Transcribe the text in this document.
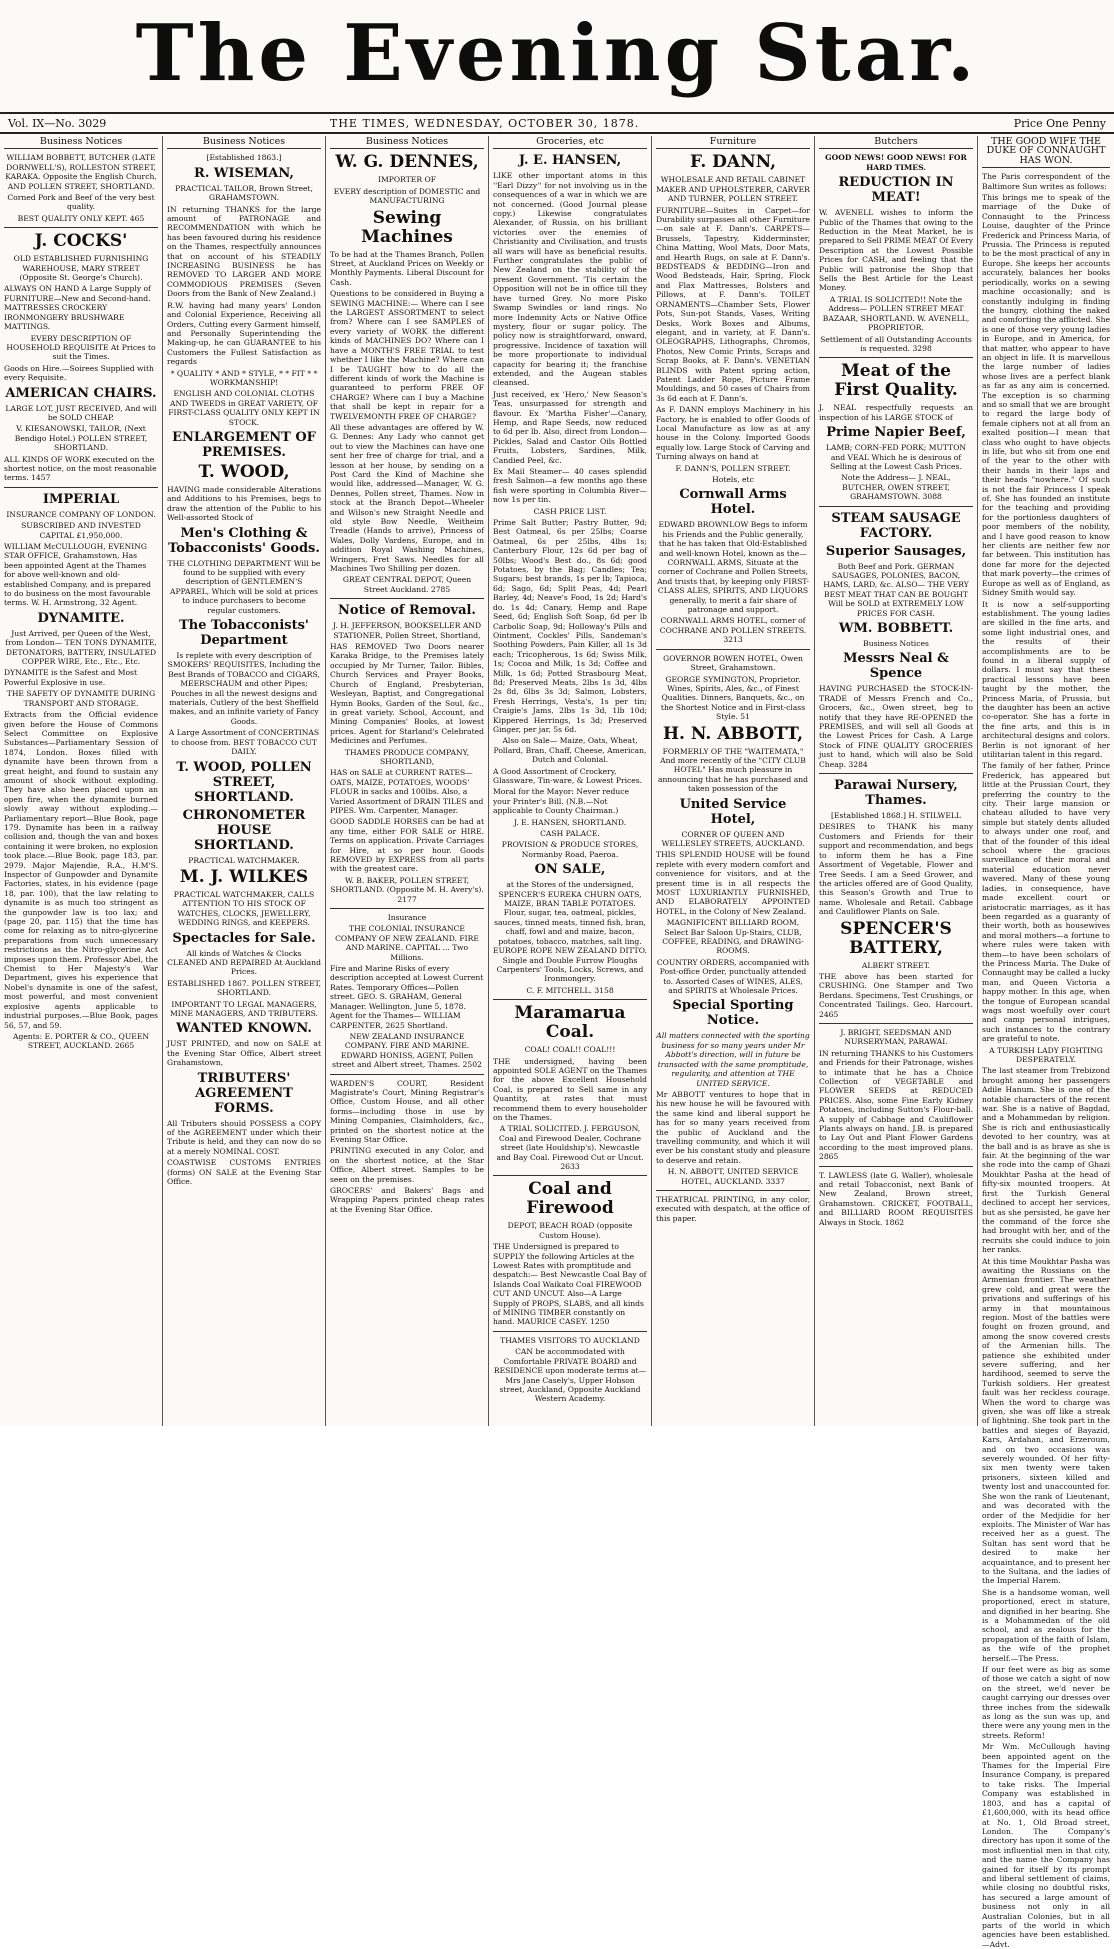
The Evening Star.
Vol. IX—No. 3029	THE TIMES, WEDNESDAY, OCTOBER 30, 1878.	Price One Penny
Business Notices

WILLIAM BOBBETT, BUTCHER (LATE DORNWELL'S), ROLLESTON STREET, KARAKA. Opposite the English Church, AND POLLEN STREET, SHORTLAND.

Corned Pork and Beef of the very best quality.

BEST QUALITY ONLY KEPT. 465

J. COCKS'

OLD ESTABLISHED FURNISHING WAREHOUSE, MARY STREET (Opposite St. George's Church).

ALWAYS ON HAND A Large Supply of FURNITURE—New and Second-hand. MATTRESSES CROCKERY IRONMONGERY BRUSHWARE MATTINGS.

EVERY DESCRIPTION OF HOUSEHOLD REQUISITE At Prices to suit the Times.

Goods on Hire.—Soirees Supplied with every Requisite.

AMERICAN CHAIRS.

LARGE LOT, JUST RECEIVED, And will be SOLD CHEAP.

V. KIESANOWSKI, TAILOR, (Next Bendigo Hotel.) POLLEN STREET, SHORTLAND.

ALL KINDS OF WORK executed on the shortest notice, on the most reasonable terms. 1457

IMPERIAL

INSURANCE COMPANY OF LONDON.

SUBSCRIBED AND INVESTED CAPITAL £1,950,000.

WILLIAM McCULLOUGH, EVENING STAR OFFICE, Grahamstown, Has been appointed Agent at the Thames for above well-known and old-established Company, and is prepared to do business on the most favourable terms. W. H. Armstrong, 32 Agent.

DYNAMITE.

Just Arrived, per Queen of the West, from London— TEN TONS DYNAMITE, DETONATORS, BATTERY, INSULATED COPPER WIRE, Etc., Etc., Etc.

DYNAMITE is the Safest and Most Powerful Explosive in use.

THE SAFETY OF DYNAMITE DURING TRANSPORT AND STORAGE.

Extracts from the Official evidence given before the House of Commons Select Committee on Explosive Substances—Parliamentary Session of 1874, London. Boxes filled with dynamite have been thrown from a great height, and found to sustain any amount of shock without exploding. They have also been placed upon an open fire, when the dynamite burned slowly away without exploding.—Parliamentary report—Blue Book, page 179. Dynamite has been in a railway collision and, though the van and boxes containing it were broken, no explosion took place.—Blue Book, page 183, par. 2979. Major Majendie, R.A., H.M'S. Inspector of Gunpowder and Dynamite Factories, states, in his evidence (page 18, par. 100), that the law relating to dynamite is as much too stringent as the gunpowder law is too lax; and (page 20, par. 115) that the time has come for relaxing as to nitro-glycerine preparations from such unnecessary restrictions as the Nitro-glycerine Act imposes upon them. Professor Abel, the Chemist to Her Majesty's War Department, gives his experience that Nobel's dynamite is one of the safest, most powerful, and most convenient explosive agents applicable to industrial purposes.—Blue Book, pages 56, 57, and 59.

Agents: E. PORTER & CO., QUEEN STREET, AUCKLAND. 2665

Business Notices

[Established 1863.]

R. WISEMAN,

PRACTICAL TAILOR, Brown Street, GRAHAMSTOWN.

IN returning THANKS for the large amount of PATRONAGE and RECOMMENDATION with which he has been favoured during his residence on the Thames, respectfully announces that on account of his STEADILY INCREASING BUSINESS he has REMOVED TO LARGER AND MORE COMMODIOUS PREMISES (Seven Doors from the Bank of New Zealand.)

R.W. having had many years' London and Colonial Experience, Receiving all Orders, Cutting every Garment himself, and Personally Superintending the Making-up, he can GUARANTEE to his Customers the Fullest Satisfaction as regards

* QUALITY * AND * STYLE, * * FIT * * WORKMANSHIP!

ENGLISH AND COLONIAL CLOTHS AND TWEEDS in GREAT VARIETY, OF FIRST-CLASS QUALITY ONLY KEPT IN STOCK.

ENLARGEMENT OF PREMISES.

T. WOOD,

HAVING made considerable Alterations and Additions to his Premises, begs to draw the attention of the Public to his Well-assorted Stock of

Men's Clothing & Tobacconists' Goods.

THE CLOTHING DEPARTMENT Will be found to be supplied with every description of GENTLEMEN'S APPAREL, Which will be sold at prices to induce purchasers to become regular customers.

The Tobacconists' Department

Is replete with every description of SMOKERS' REQUISITES, Including the Best Brands of TOBACCO and CIGARS, MEERSCHAUM and other Pipes; Pouches in all the newest designs and materials, Cutlery of the best Sheffield makes, and an infinite variety of Fancy Goods.

A Large Assortment of CONCERTINAS to choose from. BEST TOBACCO CUT DAILY.

T. WOOD, POLLEN STREET, SHORTLAND.

CHRONOMETER HOUSE SHORTLAND.

PRACTICAL WATCHMAKER.

M. J. WILKES

PRACTICAL WATCHMAKER, CALLS ATTENTION TO HIS STOCK OF WATCHES, CLOCKS, JEWELLERY, WEDDING RINGS, and KEEPERS.

Spectacles for Sale.

All kinds of Watches & Clocks CLEANED AND REPAIRED At Auckland Prices.

ESTABLISHED 1867. POLLEN STREET, SHORTLAND.

IMPORTANT TO LEGAL MANAGERS, MINE MANAGERS, AND TRIBUTERS.

WANTED KNOWN.

JUST PRINTED, and now on SALE at the Evening Star Office, Albert street Grahamstown,

TRIBUTERS' AGREEMENT FORMS.

All Tributers should POSSESS a COPY of the AGREEMENT under which their Tribute is held, and they can now do so at a merely NOMINAL COST.

COASTWISE CUSTOMS ENTRIES (forms) ON SALE at the Evening Star Office.

Business Notices

W. G. DENNES,

IMPORTER OF

EVERY description of DOMESTIC and MANUFACTURING

Sewing Machines

To be had at the Thames Branch, Pollen Street, at Auckland Prices on Weekly or Monthly Payments. Liberal Discount for Cash.

Questions to be considered in Buying a SEWING MACHINE:— Where can I see the LARGEST ASSORTMENT to select from? Where can I see SAMPLES of every variety of WORK the different kinds of MACHINES DO? Where can I have a MONTH'S FREE TRIAL to test whether I like the Machine? Where can I be TAUGHT how to do all the different kinds of work the Machine is guaranteed to perform FREE OF CHARGE? Where can I buy a Machine that shall be kept in repair for a TWELVEMONTH FREE OF CHARGE?

All these advantages are offered by W. G. Dennes: Any Lady who cannot get out to view the Machines can have one sent her free of charge for trial, and a lesson at her house, by sending on a Post Card the Kind of Machine she would like, addressed—Manager, W. G. Dennes, Pollen street, Thames. Now in stock at the Branch Depot—Wheeler and Wilson's new Straight Needle and old style Bow Needle, Weitheim Treadle (Hands to arrive), Princess of Wales, Dolly Vardens, Europe, and in addition Royal Washing Machines, Wringers, Fret Saws. Needles for all Machines Two Shilling per dozen.

GREAT CENTRAL DEPOT, Queen Street Auckland. 2785

Notice of Removal.

J. H. JEFFERSON, BOOKSELLER AND STATIONER, Pollen Street, Shortland,

HAS REMOVED Two Doors nearer Karaka Bridge, to the Premises lately occupied by Mr Turner, Tailor. Bibles, Church Services and Prayer Books, Church of England, Presbyterian, Wesleyan, Baptist, and Congregational Hymn Books, Garden of the Soul, &c., in great variety. School, Account, and Mining Companies' Books, at lowest prices. Agent for Starland's Celebrated Medicines and Perfumes.

THAMES PRODUCE COMPANY, SHORTLAND,

HAS on SALE at CURRENT RATES— OATS, MAIZE, POTATOES, WOODS' FLOUR in sacks and 100lbs. Also, a Varied Assortment of DRAIN TILES and PIPES. Wm. Carpenter, Manager.

GOOD SADDLE HORSES can be had at any time, either FOR SALE or HIRE. Terms on application. Private Carriages for Hire, at so per hour. Goods REMOVED by EXPRESS from all parts with the greatest care.

W. B. BAKER, POLLEN STREET, SHORTLAND. (Opposite M. H. Avery's). 2177

Insurance

THE COLONIAL INSURANCE COMPANY OF NEW ZEALAND. FIRE AND MARINE. CAPITAL ... Two Millions.

Fire and Marine Risks of every description accepted at Lowest Current Rates. Temporary Offices—Pollen street. GEO. S. GRAHAM, General Manager. Wellington, June 5, 1878. Agent for the Thames— WILLIAM CARPENTER, 2625 Shortland.

NEW ZEALAND INSURANCE COMPANY. FIRE AND MARINE. EDWARD HONISS, AGENT, Pollen street and Albert street, Thames. 2502

WARDEN'S COURT, Resident Magistrate's Court, Mining Registrar's Office, Custom House, and all other forms—including those in use by Mining Companies, Claimholders, &c., printed on the shortest notice at the Evening Star Office.

PRINTING executed in any Color, and on the shortest notice, at the Star Office, Albert street. Samples to be seen on the premises.

GROCERS' and Bakers' Bags and Wrapping Papers printed cheap rates at the Evening Star Office.

Groceries, etc

J. E. HANSEN,

LIKE other important atoms in this ''Earl Dizzy'' for not involving us in the consequences of a war in which we are not concerned. (Good Journal please copy.) Likewise congratulates Alexander, of Russia, on his brilliant victories over the enemies of Christianity and Civilisation, and trusts all wars will have as beneficial results. Further congratulates the public of New Zealand on the stability of the present Government. 'Tis certain the Opposition will not be in office till they have turned Grey. No more Pisko Swamp Swindles or land rings. No more Indemnity Acts or Native Office mystery, flour or sugar policy. The policy now is straightforward, onward, progressive. Incidence of taxation will be more proportionate to individual capacity for bearing it; the franchise extended, and the Augean stables cleansed.

Just received, ex 'Hero,' New Season's Teas, unsurpassed for strength and flavour. Ex 'Martha Fisher'—Canary, Hemp, and Rape Seeds, now reduced to 6d per lb. Also, direct from London—Pickles, Salad and Castor Oils Bottled Fruits, Lobsters, Sardines, Milk, Candied Peel, &c.

Ex Mail Steamer— 40 cases splendid fresh Salmon—a few months ago these fish were sporting in Columbia River—now 1s per tin.

CASH PRICE LIST.

Prime Salt Butter; Pastry Butter, 9d; Best Oatmeal, 6s per 25lbs; Coarse Oatmeal, 6s per 25lbs, 4lbs 1s; Canterbury Flour, 12s 6d per bag of 50lbs; Wood's Best do., 8s 6d; good Potatoes, by the Bag; Candles; Tea; Sugars; best brands, 1s per lb; Tapioca, 6d; Sago, 6d; Split Peas, 4d; Pearl Barley, 4d; Neave's Food, 1s 2d; Hard's do. 1s 4d; Canary, Hemp and Rape Seed, 6d; English Soft Soap, 6d per lb Carbolic Soap, 9d; Holloway's Pills and Ointment, Cockles' Pills, Sandeman's Soothing Powders, Pain Killer, all 1s 3d each; Tricopherous, 1s 6d; Swiss Milk, 1s; Cocoa and Milk, 1s 3d; Coffee and Milk, 1s 6d; Potted Strasbourg Meat, 8d; Preserved Meats, 2lbs 1s 3d, 4lbs 2s 8d, 6lbs 3s 3d; Salmon, Lobsters, Fresh Herrings, Vesta's, 1s per tin; Craigie's Jams, 2lbs 1s 3d, 1lb 10d; Kippered Herrings, 1s 3d; Preserved Ginger, per jar, 5s 6d.

Also on Sale— Maize, Oats, Wheat, Pollard, Bran, Chaff, Cheese, American, Dutch and Colonial.

A Good Assortment of Crockery, Glassware, Tin-ware, & Lowest Prices.

Moral for the Mayor: Never reduce your Printer's Bill. (N.B.—Not applicable to County Chairman.)

J. E. HANSEN, SHORTLAND.

CASH PALACE.

PROVISION & PRODUCE STORES, Normanby Road, Paeroa.

ON SALE,

at the Stores of the undersigned, SPENCER'S EUREKA CHURN OATS, MAIZE, BRAN TABLE POTATOES. Flour, sugar, tea, oatmeal, pickles, sauces, tinned meats, tinned fish, bran, chaff, fowl and and maize, bacon, potatoes, tobacco, matches, salt ling. EUROPE ROPE NEW ZEALAND DITTO. Single and Double Furrow Ploughs Carpenters' Tools, Locks, Screws, and Ironmongery.

C. F. MITCHELL. 3158

Maramarua Coal.

COAL! COAL!! COAL!!!

THE undersigned, having been appointed SOLE AGENT on the Thames for the above Excellent Household Coal, is prepared to Sell same in any Quantity, at rates that must recommend them to every householder on the Thames.

A TRIAL SOLICITED. J. FERGUSON, Coal and Firewood Dealer, Cochrane street (late Houldship's). Newcastle and Bay Coal. Firewood Cut or Uncut. 2633

Coal and Firewood

DEPOT, BEACH ROAD (opposite Custom House).

THE Undersigned is prepared to SUPPLY the following Articles at the Lowest Rates with promptitude and despatch:— Best Newcastle Coal Bay of Islands Coal Waikato Coal FIREWOOD CUT AND UNCUT. Also—A Large Supply of PROPS, SLABS, and all kinds of MINING TIMBER constantly on hand. MAURICE CASEY. 1250

THAMES VISITORS TO AUCKLAND

CAN be accommodated with Comfortable PRIVATE BOARD and RESIDENCE upon moderate terms at— Mrs Jane Casely's, Upper Hobson street, Auckland, Opposite Auckland Western Academy.

Furniture

F. DANN,

WHOLESALE AND RETAIL CABINET MAKER AND UPHOLSTERER, CARVER AND TURNER, POLLEN STREET.

FURNITURE—Suites in Carpet—for Durability surpasses all other Furniture—on sale at F. Dann's. CARPETS—Brussels, Tapestry, Kidderminster, China Matting, Wool Mats, Door Mats, and Hearth Rugs, on sale at F. Dann's. BEDSTEADS & BEDDING—Iron and Wood Bedsteads, Hair, Spring, Flock and Flax Mattresses, Bolsters and Pillows, at F. Dann's. TOILET ORNAMENTS—Chamber Sets, Flower Pots, Sun-pot Stands, Vases, Writing Desks, Work Boxes and Albums, elegant, and in variety, at F. Dann's. OLEOGRAPHS, Lithographs, Chromos, Photos, New Comic Prints, Scraps and Scrap Books, at F. Dann's. VENETIAN BLINDS with Patent spring action, Patent Ladder Rope, Picture Frame Mouldings, and 50 cases of Chairs from 3s 6d each at F. Dann's.

As F. DANN employs Machinery in his Factory, he is enabled to offer Goods of Local Manufacture as low as at any house in the Colony. Imported Goods equally low. Large Stock of Carving and Turning always on hand at

F. DANN'S, POLLEN STREET.

Hotels, etc

Cornwall Arms Hotel.

EDWARD BROWNLOW Begs to inform his Friends and the Public generally, that he has taken that Old-Established and well-known Hotel, known as the—CORNWALL ARMS, Situate at the corner of Cochrane and Pollen Streets, And trusts that, by keeping only FIRST-CLASS ALES, SPIRITS, AND LIQUORS generally, to merit a fair share of patronage and support.

CORNWALL ARMS HOTEL, corner of COCHRANE AND POLLEN STREETS. 3213

GOVERNOR BOWEN HOTEL, Owen Street, Grahamstown.

GEORGE SYMINGTON, Proprietor. Wines, Spirits, Ales, &c., of Finest Qualities. Dinners, Banquets, &c., on the Shortest Notice and in First-class Style. 51

H. N. ABBOTT,

FORMERLY OF THE "WAITEMATA," And more recently of the "CITY CLUB HOTEL" Has much pleasure in announcing that he has purchased and taken possession of the

United Service Hotel,

CORNER OF QUEEN AND WELLESLEY STREETS, AUCKLAND.

THIS SPLENDID HOUSE will be found replete with every modern comfort and convenience for visitors, and at the present time is in all respects the MOST LUXURIANTLY FURNISHED, AND ELABORATELY APPOINTED HOTEL, in the Colony of New Zealand.

MAGNIFICENT BILLIARD ROOM, Select Bar Saloon Up-Stairs, CLUB, COFFEE, READING, and DRAWING-ROOMS.

COUNTRY ORDERS, accompanied with Post-office Order, punctually attended to. Assorted Cases of WINES, ALES, and SPIRITS at Wholesale Prices.

Special Sporting Notice.

All matters connected with the sporting business for so many years under Mr Abbott's direction, will in future be transacted with the same promptitude, regularity, and attention at THE UNITED SERVICE.

Mr ABBOTT ventures to hope that in his new house he will be favoured with the same kind and liberal support he has for so many years received from the public of Auckland and the travelling community, and which it will ever be his constant study and pleasure to deserve and retain.

H. N. ABBOTT, UNITED SERVICE HOTEL, AUCKLAND. 3337

THEATRICAL PRINTING, in any color, executed with despatch, at the office of this paper.

Butchers

GOOD NEWS! GOOD NEWS! FOR HARD TIMES.

REDUCTION IN MEAT!

W. AVENELL wishes to inform the Public of the Thames that owing to the Reduction in the Meat Market, he is prepared to Sell PRIME MEAT Of Every Description at the Lowest Possible Prices for CASH, and feeling that the Public will patronise the Shop that Sells the Best Article for the Least Money.

A TRIAL IS SOLICITED!! Note the Address— POLLEN STREET MEAT BAZAAR, SHORTLAND. W. AVENELL, PROPRIETOR.

Settlement of all Outstanding Accounts is requested. 3298

Meat of the First Quality.

J. NEAL respectfully requests an inspection of his LARGE STOCK of

Prime Napier Beef,

LAMB; CORN-FED PORK; MUTTON and VEAL Which he is desirous of Selling at the Lowest Cash Prices.

Note the Address— J. NEAL, BUTCHER, OWEN STREET, GRAHAMSTOWN. 3088

STEAM SAUSAGE FACTORY.

Superior Sausages,

Both Beef and Pork. GERMAN SAUSAGES, POLONIES, BACON, HAMS, LARD, &c. ALSO— THE VERY BEST MEAT THAT CAN BE BOUGHT Will be SOLD at EXTREMELY LOW PRICES FOR CASH.

WM. BOBBETT.

Business Notices

Messrs Neal & Spence

HAVING PURCHASED the STOCK-IN-TRADE of Messrs French and Co., Grocers, &c., Owen street, beg to notify that they have RE-OPENED the PREMISES, and will sell all Goods at the Lowest Prices for Cash. A Large Stock of FINE QUALITY GROCERIES just to hand, which will also be Sold Cheap. 3284

Parawai Nursery, Thames.

[Established 1868.] H. STILWELL

DESIRES to THANK his many Customers and Friends for their support and recommendation, and begs to inform them he has a Fine Assortment of Vegetable, Flower and Tree Seeds. I am a Seed Grower, and the articles offered are of Good Quality, this Season's Growth and True to name. Wholesale and Retail. Cabbage and Cauliflower Plants on Sale.

SPENCER'S BATTERY,

ALBERT STREET.

THE above has been started for CRUSHING. One Stamper and Two Berdans. Specimens, Test Crushings, or Concentrated Tailings. Geo. Harcourt. 2465

J. BRIGHT, SEEDSMAN AND NURSERYMAN, PARAWAI.

IN returning THANKS to his Customers and Friends for their Patronage, wishes to intimate that he has a Choice Collection of VEGETABLE and FLOWER SEEDS at REDUCED PRICES. Also, some Fine Early Kidney Potatoes, including Sutton's Flour-ball. A supply of Cabbage and Cauliflower Plants always on hand. J.B. is prepared to Lay Out and Plant Flower Gardens according to the most improved plans. 2865

T. LAWLESS (late G. Waller), wholesale and retail Tobacconist, next Bank of New Zealand, Brown street, Grahamstown. CRICKET, FOOTBALL, and BILLIARD ROOM REQUISITES Always in Stock. 1862

THE GOOD WIFE THE DUKE OF CONNAUGHT HAS WON.

The Paris correspondent of the Baltimore Sun writes as follows:

This brings me to speak of the marriage of the Duke of Connaught to the Princess Louise, daughter of the Prince Frederick and Princess Maria, of Prussia. The Princess is reputed to be the most practical of any in Europe. She keeps her accounts accurately, balances her books periodically, works on a sewing machine occasionally; and is constantly indulging in finding the hungry, clothing the naked and comforting the afflicted. She is one of those very young ladies in Europe, and in America, for that matter, who appear to have an object in life. It is marvellous the large number of ladies whose lives are a perfect blank as far as any aim is concerned. The exception is so charming and so small that we are brought to regard the large body of female ciphers not at all from an exalted position—I mean that class who ought to have objects in life, but who sit from one end of the year to the other with their hands in their laps and their heads "nowhere." Of such is not the fair Princess I speak of. She has founded an institute for the teaching and providing for the portionless daughters of poor members of the nobility, and I have good reason to know her clients are neither few nor far between. This institution has done far more for the dejected that mark poverty—the crimes of Europe as well as of England, as Sidney Smith would say.

It is now a self-supporting establishment. The young ladies are skilled in the fine arts, and some light industrial ones, and the results of their accomplishments are to be found in a liberal supply of dollars. I must say that these practical lessons have been taught by the mother, the Princess Maria, of Prussia, but the daughter has been an active co-operator. She has a forte in the fine arts, and this is in architectural designs and colors. Berlin is not ignorant of her utilitarian talent in this regard.

The family of her father, Prince Frederick, has appeared but little at the Prussian Court, they preferring the country to the city. Their large mansion or chateau alluded to have very simple but stately dents alluded to always under one roof, and that of the founder of this ideal school where the gracious surveillance of their moral and material education never wavered. Many of these young ladies, in consequence, have made excellent court or aristocratic marriages, as it has been regarded as a guaranty of their worth, both as housewives and moral mothers—a fortune to where rules were taken with them—to have been scholars of the Princess Maria. The Duke of Connaught may be called a lucky man, and Queen Victoria a happy mother. In this age, when the tongue of European scandal wags most woefully over court and camp personal intrigues, such instances to the contrary are grateful to note.

A TURKISH LADY FIGHTING DESPERATELY.

The last steamer from Trebizond brought among her passengers Adile Hanum. She is one of the notable characters of the recent war. She is a native of Bagdad, and a Mohammedan by religion. She is rich and enthusiastically devoted to her country, was at the ball and is as brave as she is fair. At the beginning of the war she rode into the camp of Ghazi Moukhtar Pasha at the head of fifty-six mounted troopers. At first the Turkish General declined to accept her services, but as she persisted, he gave her the command of the force she had brought with her, and of the recruits she could induce to join her ranks.

At this time Moukhtar Pasha was awaiting the Russians on the Armenian frontier. The weather grew cold, and great were the privations and sufferings of his army in that mountainous region. Most of the battles were fought on frozen ground, and among the snow covered crests of the Armenian hills. The patience she exhibited under severe suffering, and her hardihood, seemed to serve the Turkish soldiers. Her greatest fault was her reckless courage. When the word to charge was given, she was off like a streak of lightning. She took part in the battles and sieges of Bayazid, Kars, Ardahan, and Erzeroum, and on two occasions was severely wounded. Of her fifty-six men twenty were taken prisoners, sixteen killed and twenty lost and unaccounted for. She won the rank of Lieutenant, and was decorated with the order of the Medjidie for her exploits. The Minister of War has received her as a guest. The Sultan has sent word that he desired to make her acquaintance, and to present her to the Sultana, and the ladies of the Imperial Harem.

She is a handsome woman, well proportioned, erect in stature, and dignified in her bearing. She is a Mohammedan of the old school, and as zealous for the propagation of the faith of Islam, as the wife of the prophet herself.—The Press.

If our feet were as big as some of those we catch a sight of now on the street, we'd never be caught carrying our dresses over three inches from the sidewalk as long as the sun was up, and there were any young men in the streets. Reform!

Mr Wm. McCullough having been appointed agent on the Thames for the Imperial Fire Insurance Company, is prepared to take risks. The Imperial Company was established in 1803, and has a capital of £1,600,000, with its head office at No. 1, Old Broad street, London. The Company's directory has upon it some of the most influential men in that city, and the name the Company has gained for itself by its prompt and liberal settlement of claims, while closing no doubtful risks, has secured a large amount of business not only in all Australian Colonies, but in all parts of the world in which agencies have been established.—Advt.
